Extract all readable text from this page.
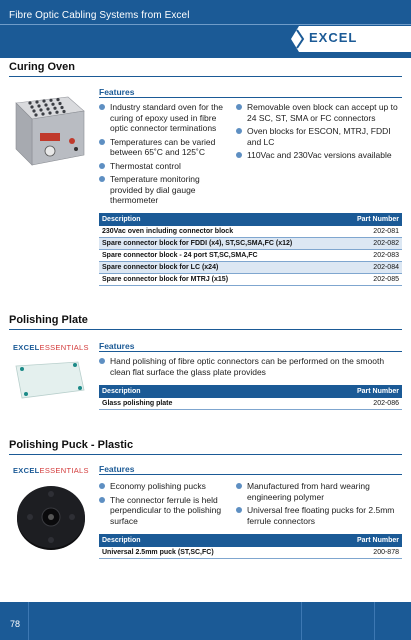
Fibre Optic Cabling Systems from Excel
EXCEL
Curing Oven
Features
Industry standard oven for the curing of epoxy used in fibre optic connector terminations
Temperatures can be varied between 65˚C and 125˚C
Thermostat control
Temperature monitoring provided by dial gauge thermometer
Removable oven block can accept up to 24 SC, ST, SMA or FC connectors
Oven blocks for ESCON, MTRJ, FDDI and LC
110Vac and 230Vac versions available
Description	Part Number
230Vac oven including connector block	202-081
Spare connector block for FDDI (x4), ST,SC,SMA,FC (x12)	202-082
Spare connector block - 24 port ST,SC,SMA,FC	202-083
Spare connector block for LC (x24)	202-084
Spare connector block for MTRJ (x15)	202-085
Polishing Plate
EXCELESSENTIALS Features
Hand polishing of fibre optic connectors can be performed on the smooth clean flat surface the glass plate provides
Description	Part Number
Glass polishing plate	202-086
Polishing Puck - Plastic
EXCELESSENTIALS Features
Economy polishing pucks
The connector ferrule is held perpendicular to the polishing surface
Manufactured from hard wearing engineering polymer
Universal free floating pucks for 2.5mm ferrule connectors
Description	Part Number
Universal 2.5mm puck (ST,SC,FC)	200-878
78
